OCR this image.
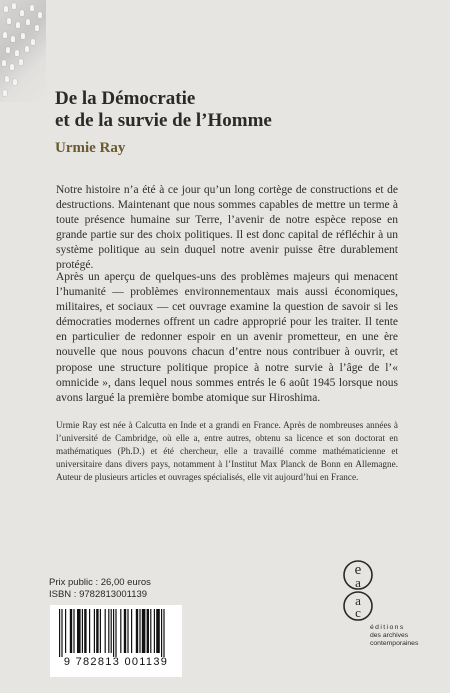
De la Démocratie
et de la survie de l’Homme
Urmie Ray

Notre histoire n’a été à ce jour qu’un long cortège de constructions et de destructions. Maintenant que nous sommes capables de mettre un terme à toute présence humaine sur Terre, l’avenir de notre espèce repose en grande partie sur des choix politiques. Il est donc capital de réfléchir à un système politique au sein duquel notre avenir puisse être durablement protégé.

Après un aperçu de quelques-uns des problèmes majeurs qui menacent l’humanité — problèmes environnementaux mais aussi économiques, militaires, et sociaux — cet ouvrage examine la question de savoir si les démocraties modernes offrent un cadre approprié pour les traiter. Il tente en particulier de redonner espoir en un avenir prometteur, en une ère nouvelle que nous pouvons chacun d’entre nous contribuer à ouvrir, et propose une structure politique propice à notre survie à l’âge de l’« omnicide », dans lequel nous sommes entrés le 6 août 1945 lorsque nous avons largué la première bombe atomique sur Hiroshima.

Urmie Ray est née à Calcutta en Inde et a grandi en France. Après de nombreuses années à l’université de Cambridge, où elle a, entre autres, obtenu sa licence et son doctorat en mathématiques (Ph.D.) et été chercheur, elle a travaillé comme mathématicienne et universitaire dans divers pays, notamment à l’Institut Max Planck de Bonn en Allemagne. Auteur de plusieurs articles et ouvrages spécialisés, elle vit aujourd’hui en France.

Prix public : 26,00 euros
ISBN : 9782813001139
9 782813 001139
e
a
a
c
éditions
des archives
contemporaines
